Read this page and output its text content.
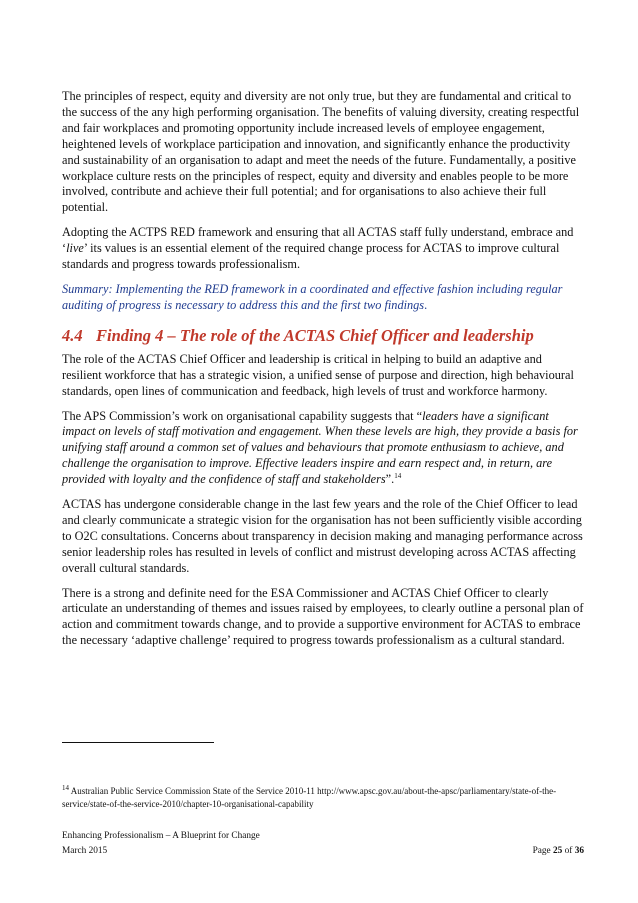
The principles of respect, equity and diversity are not only true, but they are fundamental and critical to the success of the any high performing organisation. The benefits of valuing diversity, creating respectful and fair workplaces and promoting opportunity include increased levels of employee engagement, heightened levels of workplace participation and innovation, and significantly enhance the productivity and sustainability of an organisation to adapt and meet the needs of the future. Fundamentally, a positive workplace culture rests on the principles of respect, equity and diversity and enables people to be more involved, contribute and achieve their full potential; and for organisations to also achieve their full potential.

Adopting the ACTPS RED framework and ensuring that all ACTAS staff fully understand, embrace and ‘live’ its values is an essential element of the required change process for ACTAS to improve cultural standards and progress towards professionalism.

Summary: Implementing the RED framework in a coordinated and effective fashion including regular auditing of progress is necessary to address this and the first two findings.

4.4 Finding 4 – The role of the ACTAS Chief Officer and leadership

The role of the ACTAS Chief Officer and leadership is critical in helping to build an adaptive and resilient workforce that has a strategic vision, a unified sense of purpose and direction, high behavioural standards, open lines of communication and feedback, high levels of trust and workforce harmony.

The APS Commission’s work on organisational capability suggests that “leaders have a significant impact on levels of staff motivation and engagement. When these levels are high, they provide a basis for unifying staff around a common set of values and behaviours that promote enthusiasm to achieve, and challenge the organisation to improve. Effective leaders inspire and earn respect and, in return, are provided with loyalty and the confidence of staff and stakeholders”.$^{14}$

ACTAS has undergone considerable change in the last few years and the role of the Chief Officer to lead and clearly communicate a strategic vision for the organisation has not been sufficiently visible according to O2C consultations. Concerns about transparency in decision making and managing performance across senior leadership roles has resulted in levels of conflict and mistrust developing across ACTAS affecting overall cultural standards.

There is a strong and definite need for the ESA Commissioner and ACTAS Chief Officer to clearly articulate an understanding of themes and issues raised by employees, to clearly outline a personal plan of action and commitment towards change, and to provide a supportive environment for ACTAS to embrace the necessary ‘adaptive challenge’ required to progress towards professionalism as a cultural standard.

$^{14}$ Australian Public Service Commission State of the Service 2010-11 http://www.apsc.gov.au/about-the-apsc/parliamentary/state-of-the-service/state-of-the-service-2010/chapter-10-organisational-capability
Enhancing Professionalism – A Blueprint for Change
March 2015	Page 25 of 36
